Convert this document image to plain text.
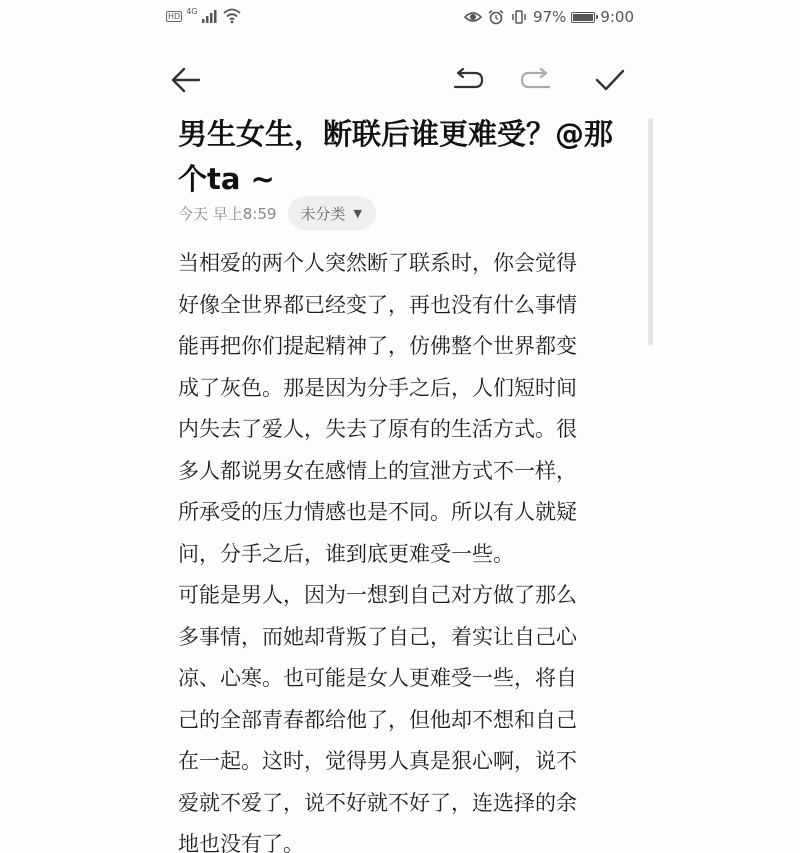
HD
4G	97% 9:00
男生女生，断联后谁更难受？@那
个ta ~
今天 早上8:59 未分类 ▼
当相爱的两个人突然断了联系时，你会觉得
好像全世界都已经变了，再也没有什么事情
能再把你们提起精神了，仿佛整个世界都变
成了灰色。那是因为分手之后，人们短时间
内失去了爱人，失去了原有的生活方式。很
多人都说男女在感情上的宣泄方式不一样，
所承受的压力情感也是不同。所以有人就疑
问，分手之后，谁到底更难受一些。
可能是男人，因为一想到自己对方做了那么
多事情，而她却背叛了自己，着实让自己心
凉、心寒。也可能是女人更难受一些，将自
己的全部青春都给他了，但他却不想和自己
在一起。这时，觉得男人真是狠心啊，说不
爱就不爱了，说不好就不好了，连选择的余
地也没有了。
